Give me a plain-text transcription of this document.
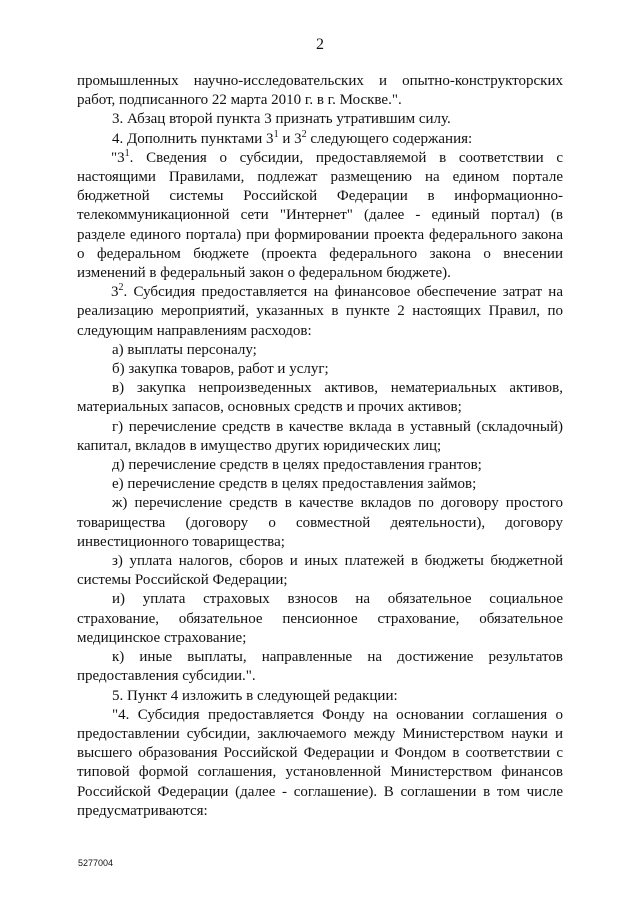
2

промышленных научно-исследовательских и опытно-конструкторских работ, подписанного 22 марта 2010 г. в г. Москве.".

3. Абзац второй пункта 3 признать утратившим силу.

4. Дополнить пунктами $3^1$ и $3^2$ следующего содержания:

"$3^1$. Сведения о субсидии, предоставляемой в соответствии с настоящими Правилами, подлежат размещению на едином портале бюджетной системы Российской Федерации в информационно-телекоммуникационной сети "Интернет" (далее - единый портал) (в разделе единого портала) при формировании проекта федерального закона о федеральном бюджете (проекта федерального закона о внесении изменений в федеральный закон о федеральном бюджете).

$3^2$. Субсидия предоставляется на финансовое обеспечение затрат на реализацию мероприятий, указанных в пункте 2 настоящих Правил, по следующим направлениям расходов:

а) выплаты персоналу;

б) закупка товаров, работ и услуг;

в) закупка непроизведенных активов, нематериальных активов, материальных запасов, основных средств и прочих активов;

г) перечисление средств в качестве вклада в уставный (складочный) капитал, вкладов в имущество других юридических лиц;

д) перечисление средств в целях предоставления грантов;

е) перечисление средств в целях предоставления займов;

ж) перечисление средств в качестве вкладов по договору простого товарищества (договору о совместной деятельности), договору инвестиционного товарищества;

з) уплата налогов, сборов и иных платежей в бюджеты бюджетной системы Российской Федерации;

и) уплата страховых взносов на обязательное социальное страхование, обязательное пенсионное страхование, обязательное медицинское страхование;

к) иные выплаты, направленные на достижение результатов предоставления субсидии.".

5. Пункт 4 изложить в следующей редакции:

"4. Субсидия предоставляется Фонду на основании соглашения о предоставлении субсидии, заключаемого между Министерством науки и высшего образования Российской Федерации и Фондом в соответствии с типовой формой соглашения, установленной Министерством финансов Российской Федерации (далее - соглашение). В соглашении в том числе предусматриваются:

5277004
